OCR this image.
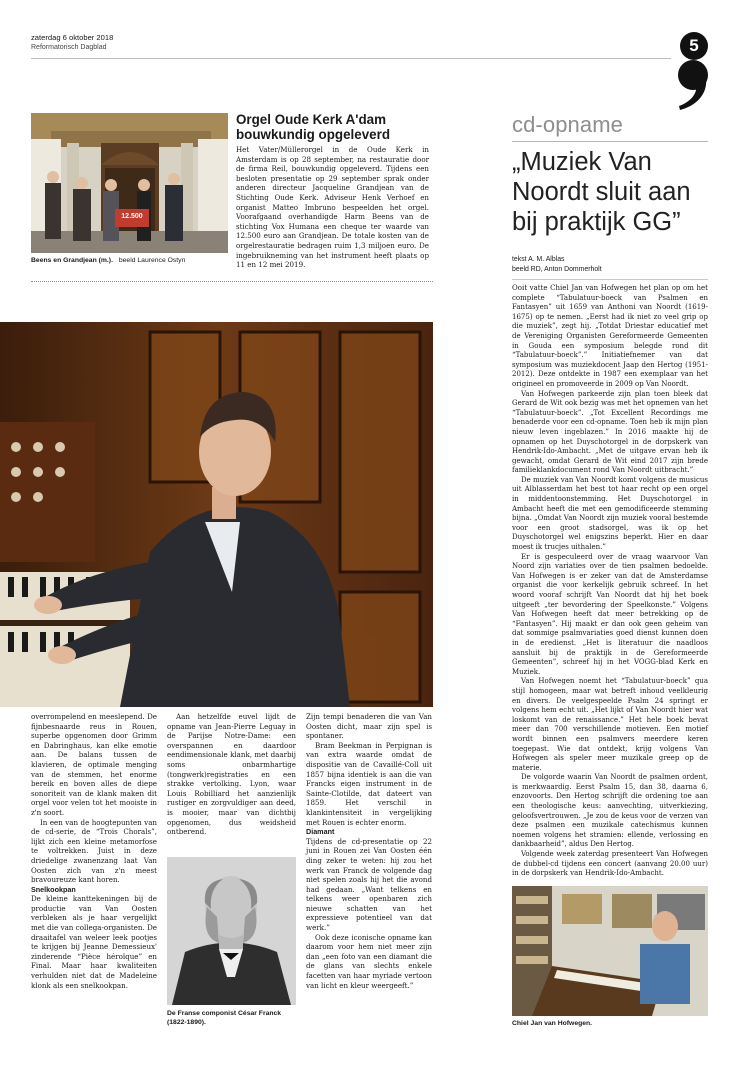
zaterdag 6 oktober 2018
Reformatorisch Dagblad	5
12.500
Beens en Grandjean (m.). beeld Laurence Ostyn
Orgel Oude Kerk A'dam bouwkundig opgeleverd
Het Vater/Müllerorgel in de Oude Kerk in Amsterdam is op 28 september, na restauratie door de firma Reil, bouwkundig opgeleverd. Tijdens een besloten presentatie op 29 september sprak onder anderen directeur Jacqueline Grandjean van de Stichting Oude Kerk. Adviseur Henk Verhoef en organist Matteo Imbruno bespeelden het orgel. Voorafgaand overhandigde Harm Beens van de stichting Vox Humana een cheque ter waarde van 12.500 euro aan Grandjean. De totale kosten van de orgelrestauratie bedragen ruim 1,3 miljoen euro. De ingebruikneming van het instrument heeft plaats op 11 en 12 mei 2019.
cd-opname
„Muziek Van Noordt sluit aan bij praktijk GG”
tekst A. M. Alblas
beeld RD, Anton Dommerholt

overrompelend en meeslepend. De fijnbesnaarde reus in Rouen, superbe opgenomen door Grimm en Dabringhaus, kan elke emotie aan. De balans tussen de klavieren, de optimale menging van de stemmen, het enorme bereik en boven alles de diepe sonoriteit van de klank maken dit orgel voor velen tot het mooiste in z'n soort.

In een van de hoogtepunten van de cd-serie, de “Trois Chorals”, lijkt zich een kleine metamorfose te voltrekken. Juist in deze driedelige zwanenzang laat Van Oosten zich van z'n meest bravoureuze kant horen.

Snelkookpan

De kleine kanttekeningen bij de productie van Van Oosten verbleken als je haar vergelijkt met die van collega-organisten. De draaitafel van weleer leek pootjes te krijgen bij Jeanne Demessieux' zinderende “Pièce héroïque” en Final. Maar haar kwaliteiten verhulden niet dat de Madeleine klonk als een snelkookpan.

Aan hetzelfde euvel lijdt de opname van Jean-Pierre Leguay in de Parijse Notre-Dame: een overspannen en daardoor eendimensionale klank, met daarbij soms onbarmhartige (tongwerk)registraties en een strakke vertolking. Lyon, waar Louis Robilliard het aanzienlijk rustiger en zorgvuldiger aan deed, is mooier, maar van dichtbij opgenomen, dus weidsheid ontberend.

De Franse componist César Franck (1822-1890).

Zijn tempi benaderen die van Van Oosten dicht, maar zijn spel is spontaner.

Bram Beekman in Perpignan is van extra waarde omdat de dispositie van de Cavaillé-Coll uit 1857 bijna identiek is aan die van Francks eigen instrument in de Sainte-Clotilde, dat dateert van 1859. Het verschil in klankintensiteit in vergelijking met Rouen is echter enorm.

Diamant

Tijdens de cd-presentatie op 22 juni in Rouen zei Van Oosten één ding zeker te weten: hij zou het werk van Franck de volgende dag niet spelen zoals hij het die avond had gedaan. „Want telkens en telkens weer openbaren zich nieuwe schatten van het expressieve potentieel van dat werk.”

Ook deze iconische opname kan daarom voor hem niet meer zijn dan „een foto van een diamant die de glans van slechts enkele facetten van haar myriade vertoon van licht en kleur weergeeft.”

Ooit vatte Chiel Jan van Hofwegen het plan op om het complete “Tabulatuur-boeck van Psalmen en Fantasyen” uit 1659 van Anthoni van Noordt (1619-1675) op te nemen. „Eerst had ik niet zo veel grip op die muziek”, zegt hij. „Totdat Driestar educatief met de Vereniging Organisten Gereformeerde Gemeenten in Gouda een symposium belegde rond dit “Tabulatuur-boeck”.” Initiatiefnemer van dat symposium was muziekdocent Jaap den Hertog (1951-2012). Deze ontdekte in 1987 een exemplaar van het origineel en promoveerde in 2009 op Van Noordt.

Van Hofwegen parkeerde zijn plan toen bleek dat Gerard de Wit ook bezig was met het opnemen van het “Tabulatuur-boeck”. „Tot Excellent Recordings me benaderde voor een cd-opname. Toen heb ik mijn plan nieuw leven ingeblazen.” In 2016 maakte hij de opnamen op het Duyschotorgel in de dorpskerk van Hendrik-Ido-Ambacht. „Met de uitgave ervan heb ik gewacht, omdat Gerard de Wit eind 2017 zijn brede familieklankdocument rond Van Noordt uitbracht.”

De muziek van Van Noordt komt volgens de musicus uit Alblasserdam het best tot haar recht op een orgel in middentoonstemming. Het Duyschotorgel in Ambacht heeft die met een gemodificeerde stemming bijna. „Omdat Van Noordt zijn muziek vooral bestemde voor een groot stadsorgel, was ik op het Duyschotorgel wel enigszins beperkt. Hier en daar moest ik trucjes uithalen.”

Er is gespeculeerd over de vraag waarvoor Van Noord zijn variaties over de tien psalmen bedoelde. Van Hofwegen is er zeker van dat de Amsterdamse organist die voor kerkelijk gebruik schreef. In het woord vooraf schrijft Van Noordt dat hij het boek uitgeeft „ter bevordering der Speelkonste.” Volgens Van Hofwegen heeft dat meer betrekking op de “Fantasyen”. Hij maakt er dan ook geen geheim van dat sommige psalmvariaties goed dienst kunnen doen in de eredienst. „Het is literatuur die naadloos aansluit bij de praktijk in de Gereformeerde Gemeenten”, schreef hij in het VOGG-blad Kerk en Muziek.

Van Hofwegen noemt het “Tabulatuur-boeck” qua stijl homogeen, maar wat betreft inhoud veelkleurig en divers. De veelgespeelde Psalm 24 springt er volgens hem echt uit. „Het lijkt of Van Noordt hier wat loskomt van de renaissance.” Het hele boek bevat meer dan 700 verschillende motieven. Een motief wordt binnen een psalmvers meerdere keren toegepast. Wie dat ontdekt, krijg volgens Van Hofwegen als speler meer muzikale greep op de materie.

De volgorde waarin Van Noordt de psalmen ordent, is merkwaardig. Eerst Psalm 15, dan 38, daarna 6, enzovoorts. Den Hertog schrijft die ordening toe aan een theologische keus: aanvechting, uitverkiezing, geloofsvertrouwen. „Je zou de keus voor de verzen van deze psalmen een muzikale catechismus kunnen noemen volgens het stramien: ellende, verlossing en dankbaarheid”, aldus Den Hertog.

Volgende week zaterdag presenteert Van Hofwegen de dubbel-cd tijdens een concert (aanvang 20.00 uur) in de dorpskerk van Hendrik-Ido-Ambacht.

Chiel Jan van Hofwegen.
